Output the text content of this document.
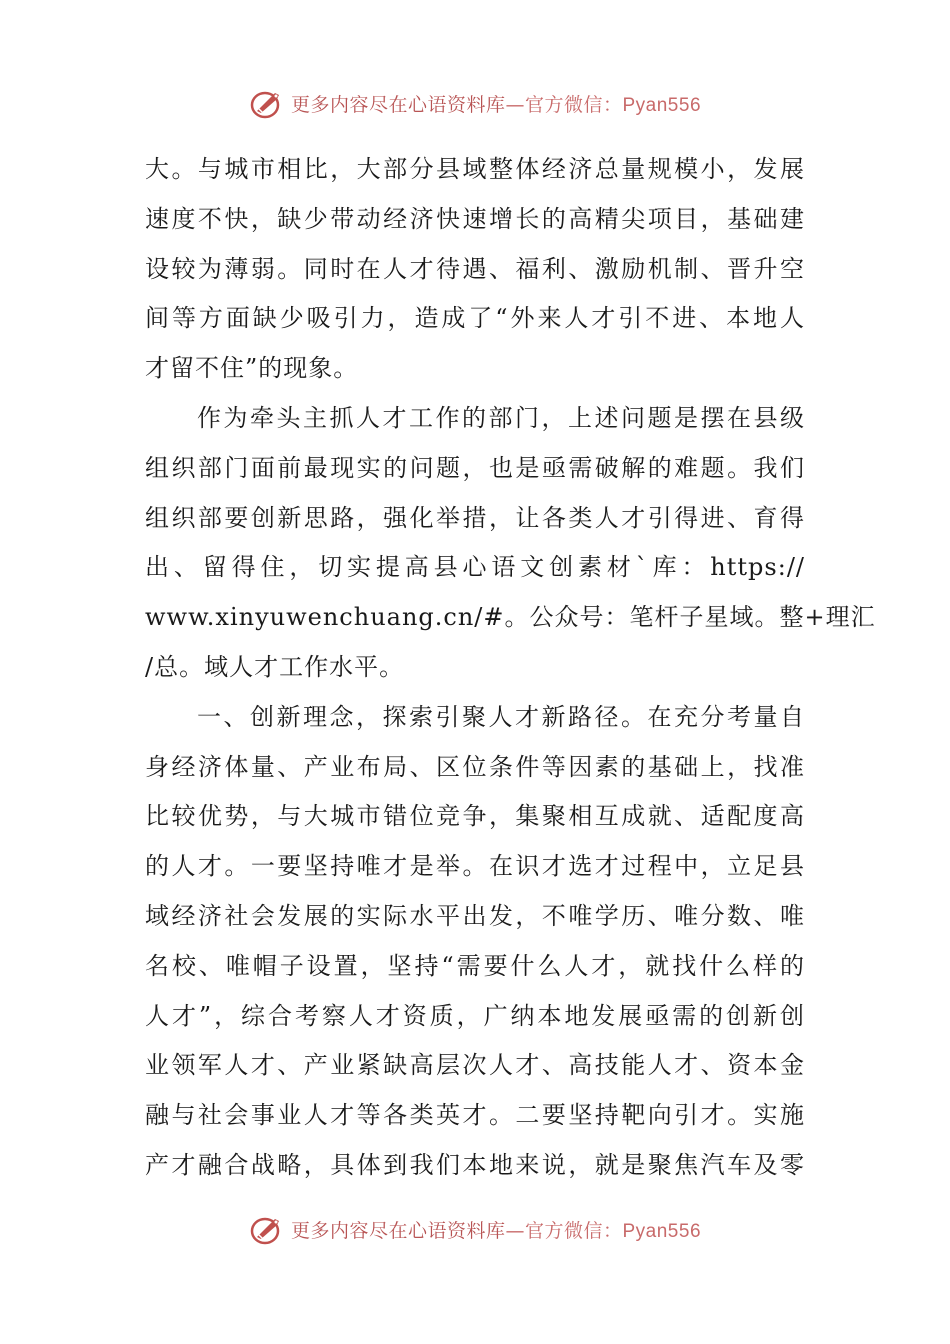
更多内容尽在心语资料库—官方微信：Pyan556
大。与城市相比，大部分县域整体经济总量规模小，发展
速度不快，缺少带动经济快速增长的高精尖项目，基础建
设较为薄弱。同时在人才待遇、福利、激励机制、晋升空
间等方面缺少吸引力，造成了“外来人才引不进、本地人
才留不住”的现象。
作为牵头主抓人才工作的部门，上述问题是摆在县级
组织部门面前最现实的问题，也是亟需破解的难题。我们
组织部要创新思路，强化举措，让各类人才引得进、育得
出、留得住，切实提高县心语文创素材`库：https://
www.xinyuwenchuang.cn/#。公众号：笔杆子星域。整+理汇
/总。域人才工作水平。
一、创新理念，探索引聚人才新路径。在充分考量自
身经济体量、产业布局、区位条件等因素的基础上，找准
比较优势，与大城市错位竞争，集聚相互成就、适配度高
的人才。一要坚持唯才是举。在识才选才过程中，立足县
域经济社会发展的实际水平出发，不唯学历、唯分数、唯
名校、唯帽子设置，坚持“需要什么人才，就找什么样的
人才”，综合考察人才资质，广纳本地发展亟需的创新创
业领军人才、产业紧缺高层次人才、高技能人才、资本金
融与社会事业人才等各类英才。二要坚持靶向引才。实施
产才融合战略，具体到我们本地来说，就是聚焦汽车及零
更多内容尽在心语资料库—官方微信：Pyan556
